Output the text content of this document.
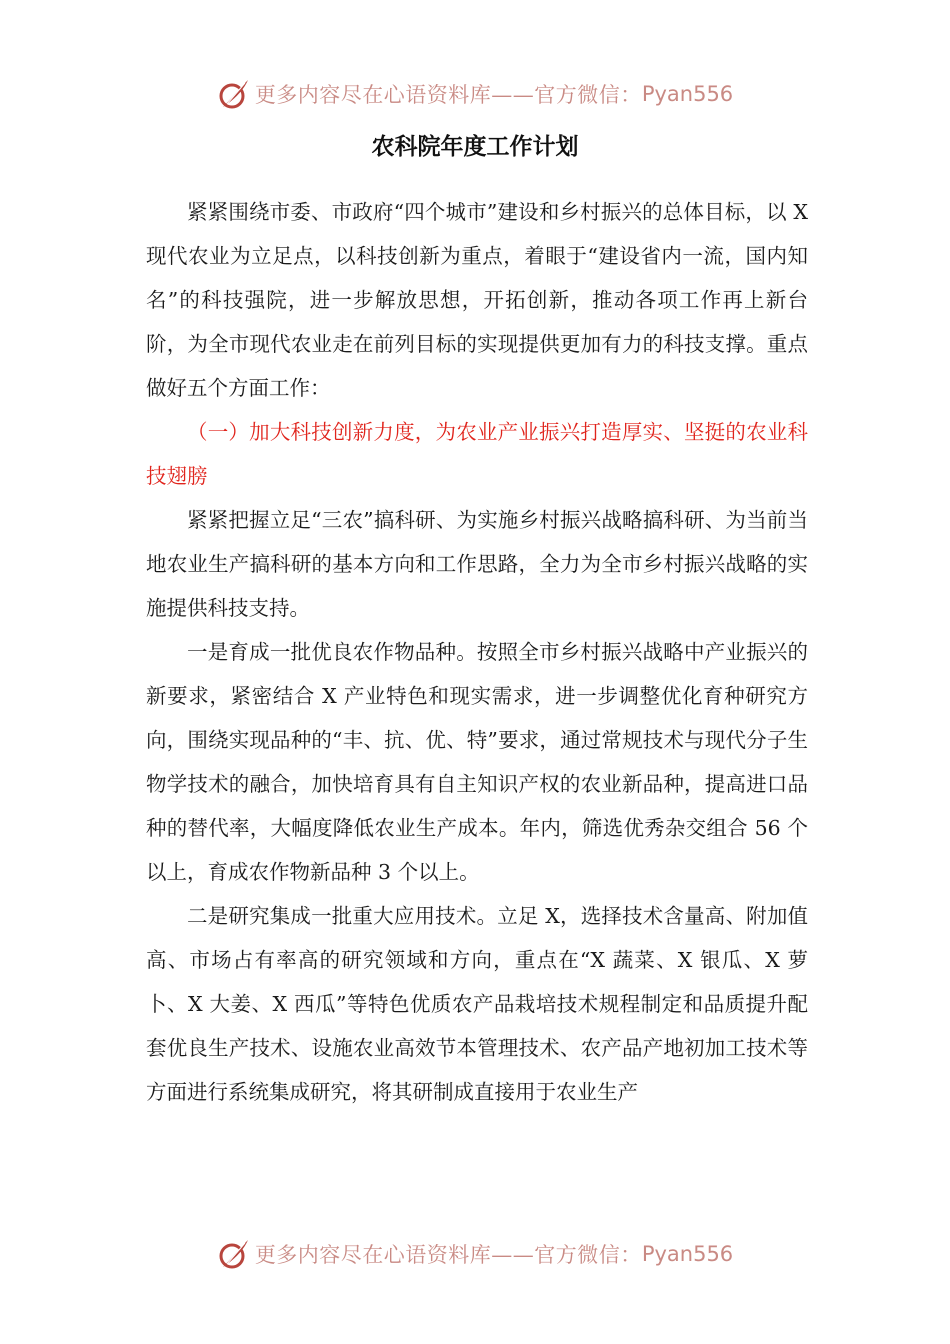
更多内容尽在心语资料库——官方微信： Pyan556
农科院年度工作计划

紧紧围绕市委、市政府“四个城市”建设和乡村振兴的总体目标，以 X 现代农业为立足点，以科技创新为重点，着眼于“建设省内一流，国内知名”的科技强院，进一步解放思想，开拓创新，推动各项工作再上新台阶，为全市现代农业走在前列目标的实现提供更加有力的科技支撑。重点做好五个方面工作：

（一）加大科技创新力度，为农业产业振兴打造厚实、坚挺的农业科技翅膀

紧紧把握立足“三农”搞科研、为实施乡村振兴战略搞科研、为当前当地农业生产搞科研的基本方向和工作思路，全力为全市乡村振兴战略的实施提供科技支持。

一是育成一批优良农作物品种。按照全市乡村振兴战略中产业振兴的新要求，紧密结合 X 产业特色和现实需求，进一步调整优化育种研究方向，围绕实现品种的“丰、抗、优、特”要求，通过常规技术与现代分子生物学技术的融合，加快培育具有自主知识产权的农业新品种，提高进口品种的替代率，大幅度降低农业生产成本。年内，筛选优秀杂交组合 56 个以上，育成农作物新品种 3 个以上。

二是研究集成一批重大应用技术。立足 X，选择技术含量高、附加值高、市场占有率高的研究领域和方向，重点在“X 蔬菜、X 银瓜、X 萝卜、X 大姜、X 西瓜”等特色优质农产品栽培技术规程制定和品质提升配套优良生产技术、设施农业高效节本管理技术、农产品产地初加工技术等方面进行系统集成研究，将其研制成直接用于农业生产

更多内容尽在心语资料库——官方微信： Pyan556
